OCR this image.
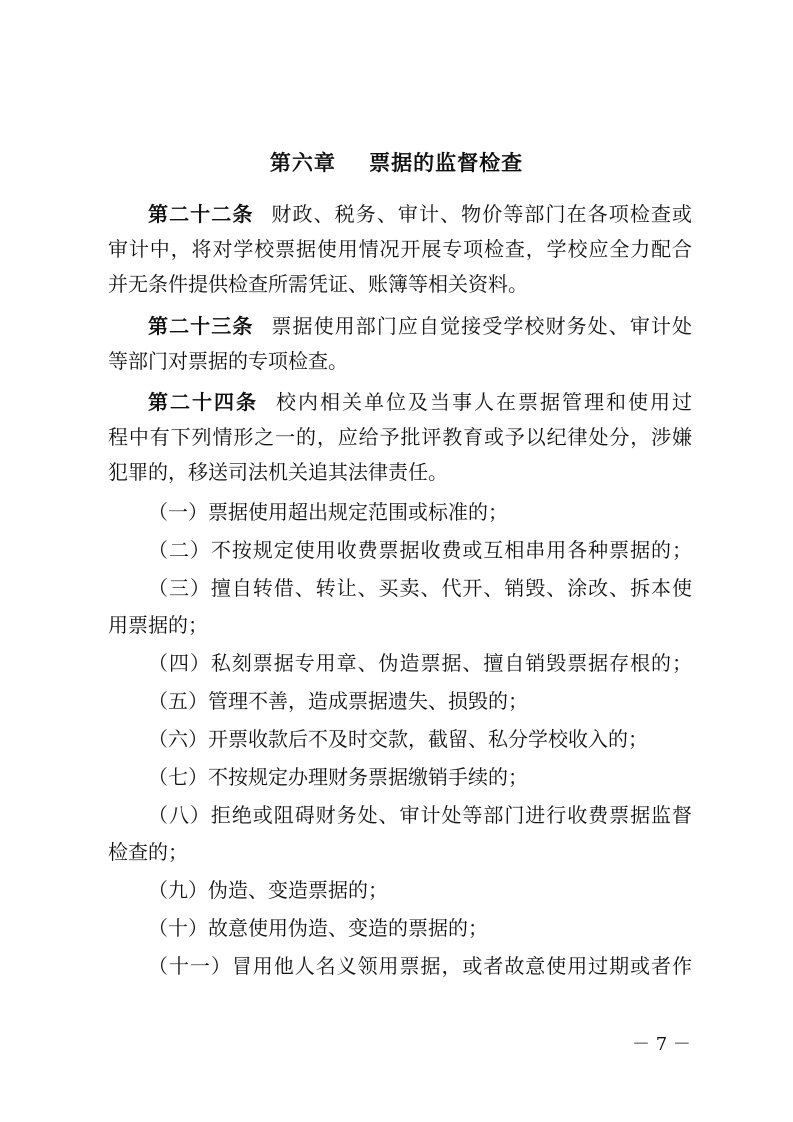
第六章    票据的监督检查
第二十二条 财政、税务、审计、物价等部门在各项检查或
审计中，将对学校票据使用情况开展专项检查，学校应全力配合
并无条件提供检查所需凭证、账簿等相关资料。
第二十三条 票据使用部门应自觉接受学校财务处、审计处
等部门对票据的专项检查。
第二十四条 校内相关单位及当事人在票据管理和使用过
程中有下列情形之一的，应给予批评教育或予以纪律处分，涉嫌
犯罪的，移送司法机关追其法律责任。
（一）票据使用超出规定范围或标准的；
（二）不按规定使用收费票据收费或互相串用各种票据的；
（三）擅自转借、转让、买卖、代开、销毁、涂改、拆本使
用票据的；
（四）私刻票据专用章、伪造票据、擅自销毁票据存根的；
（五）管理不善，造成票据遗失、损毁的；
（六）开票收款后不及时交款，截留、私分学校收入的；
（七）不按规定办理财务票据缴销手续的；
（八）拒绝或阻碍财务处、审计处等部门进行收费票据监督
检查的；
（九）伪造、变造票据的；
（十）故意使用伪造、变造的票据的；
（十一）冒用他人名义领用票据，或者故意使用过期或者作
－ 7 －
